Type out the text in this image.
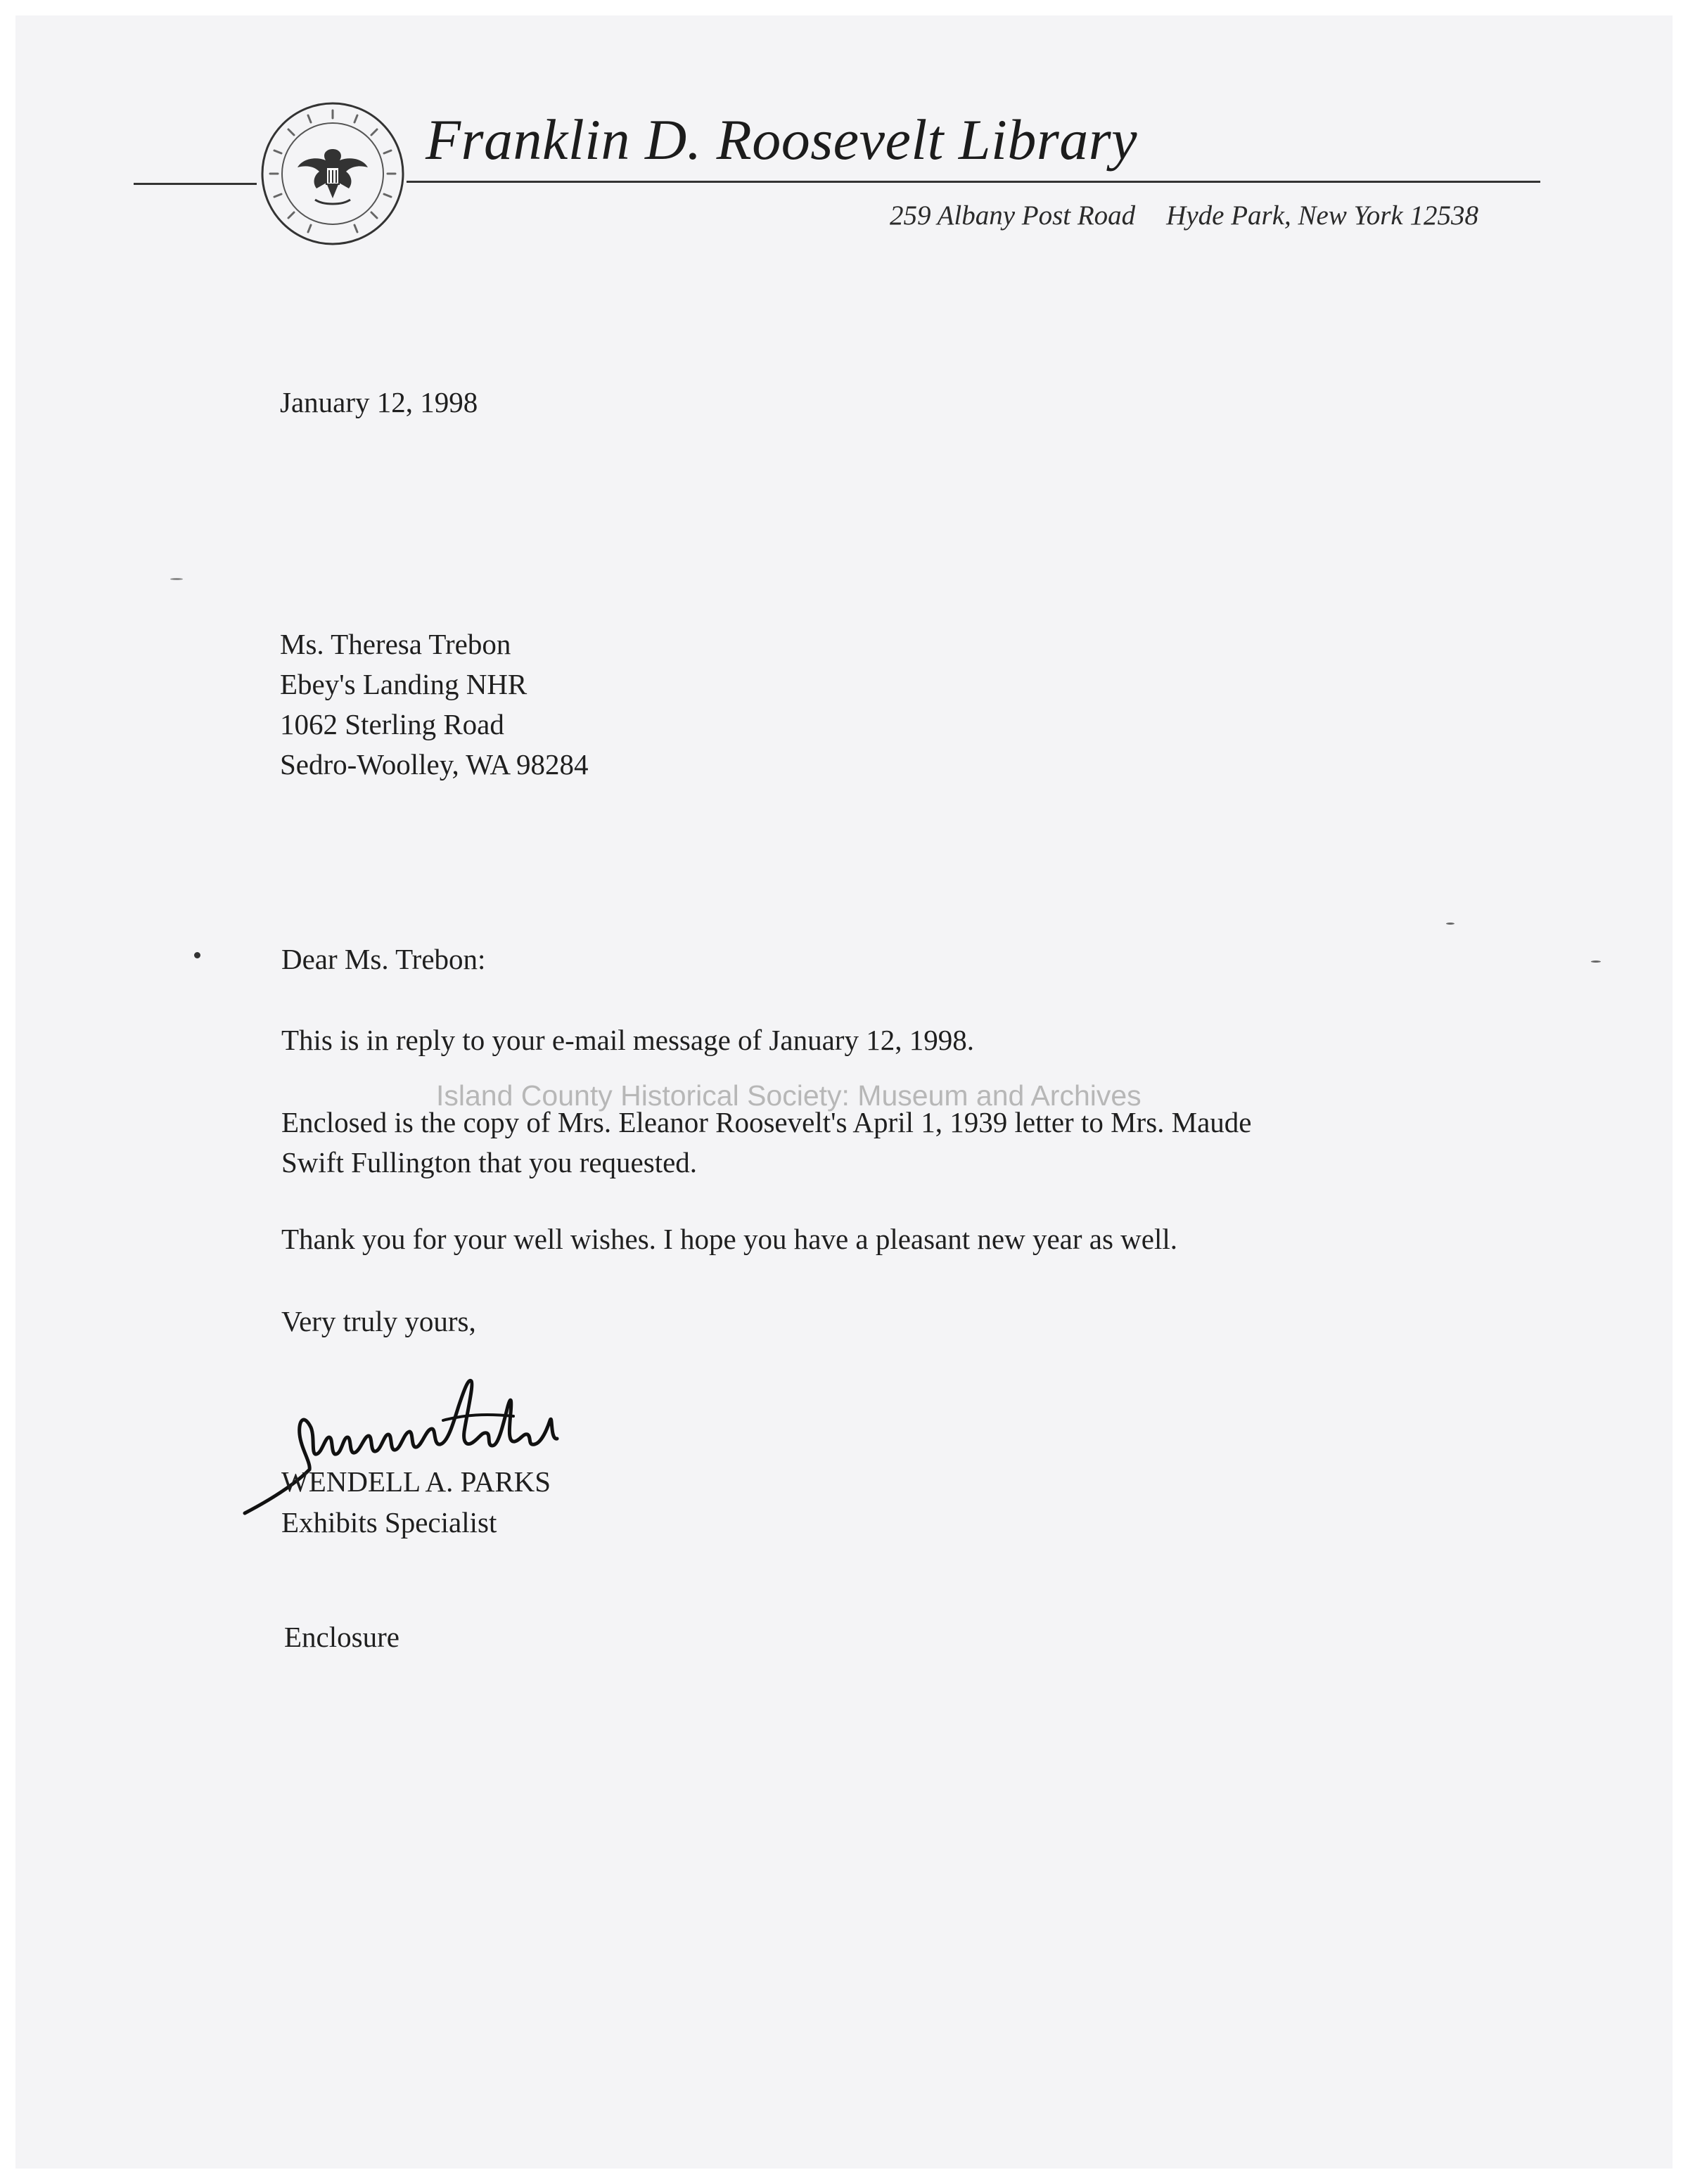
Franklin D. Roosevelt Library
259 Albany Post Road Hyde Park, New York 12538
January 12, 1998
Ms. Theresa Trebon
Ebey's Landing NHR
1062 Sterling Road
Sedro-Woolley, WA 98284
Dear Ms. Trebon:
This is in reply to your e-mail message of January 12, 1998.
Island County Historical Society: Museum and Archives
Enclosed is the copy of Mrs. Eleanor Roosevelt's April 1, 1939 letter to Mrs. Maude
Swift Fullington that you requested.
Thank you for your well wishes. I hope you have a pleasant new year as well.
Very truly yours,
WENDELL A. PARKS
Exhibits Specialist
Enclosure
